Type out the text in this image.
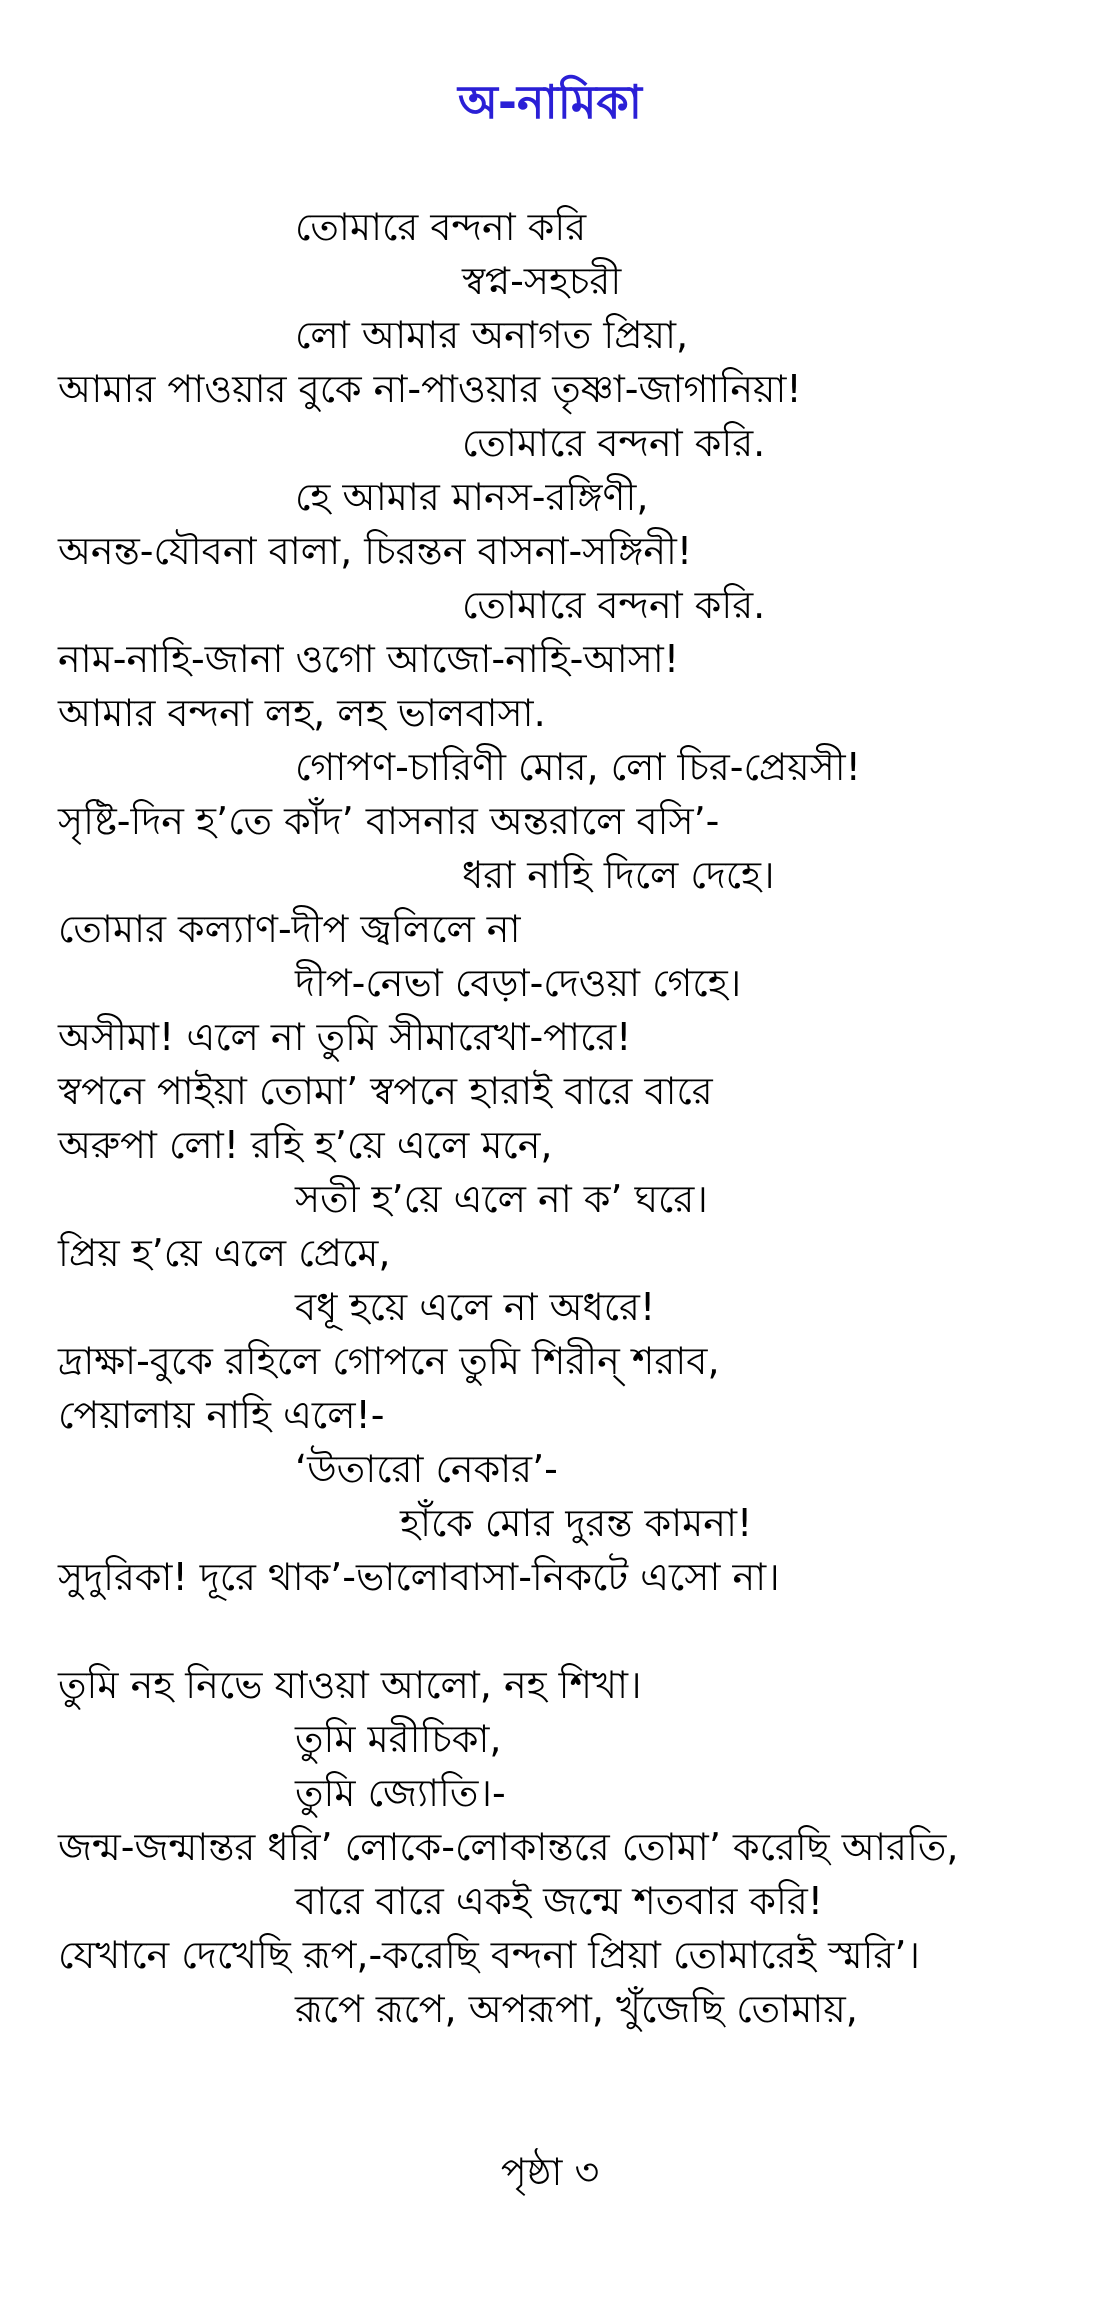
অ-নামিকা
তোমারে বন্দনা করি
স্বপ্ন-সহচরী
লো আমার অনাগত প্রিয়া,
আমার পাওয়ার বুকে না-পাওয়ার তৃষ্ণা-জাগানিয়া!
তোমারে বন্দনা করি.
হে আমার মানস-রঙ্গিণী,
অনন্ত-যৌবনা বালা, চিরন্তন বাসনা-সঙ্গিনী!
তোমারে বন্দনা করি.
নাম-নাহি-জানা ওগো আজো-নাহি-আসা!
আমার বন্দনা লহ, লহ ভালবাসা.
গোপণ-চারিণী মোর, লো চির-প্রেয়সী!
সৃষ্টি-দিন হ’তে কাঁদ’ বাসনার অন্তরালে বসি’-
ধরা নাহি দিলে দেহে।
তোমার কল্যাণ-দীপ জ্বলিলে না
দীপ-নেভা বেড়া-দেওয়া গেহে।
অসীমা! এলে না তুমি সীমারেখা-পারে!
স্বপনে পাইয়া তোমা’ স্বপনে হারাই বারে বারে
অরুপা লো! রহি হ’য়ে এলে মনে,
সতী হ’য়ে এলে না ক’ ঘরে।
প্রিয় হ’য়ে এলে প্রেমে,
বধূ হয়ে এলে না অধরে!
দ্রাক্ষা-বুকে রহিলে গোপনে তুমি শিরীন্ শরাব,
পেয়ালায় নাহি এলে!-
‘উতারো নেকার’-
হাঁকে মোর দুরন্ত কামনা!
সুদুরিকা! দূরে থাক’-ভালোবাসা-নিকটে এসো না।
তুমি নহ নিভে যাওয়া আলো, নহ শিখা।
তুমি মরীচিকা,
তুমি জ্যোতি।-
জন্ম-জন্মান্তর ধরি’ লোকে-লোকান্তরে তোমা’ করেছি আরতি,
বারে বারে একই জন্মে শতবার করি!
যেখানে দেখেছি রূপ,-করেছি বন্দনা প্রিয়া তোমারেই স্মরি’।
রূপে রূপে, অপরূপা, খুঁজেছি তোমায়,
পৃষ্ঠা ৩
